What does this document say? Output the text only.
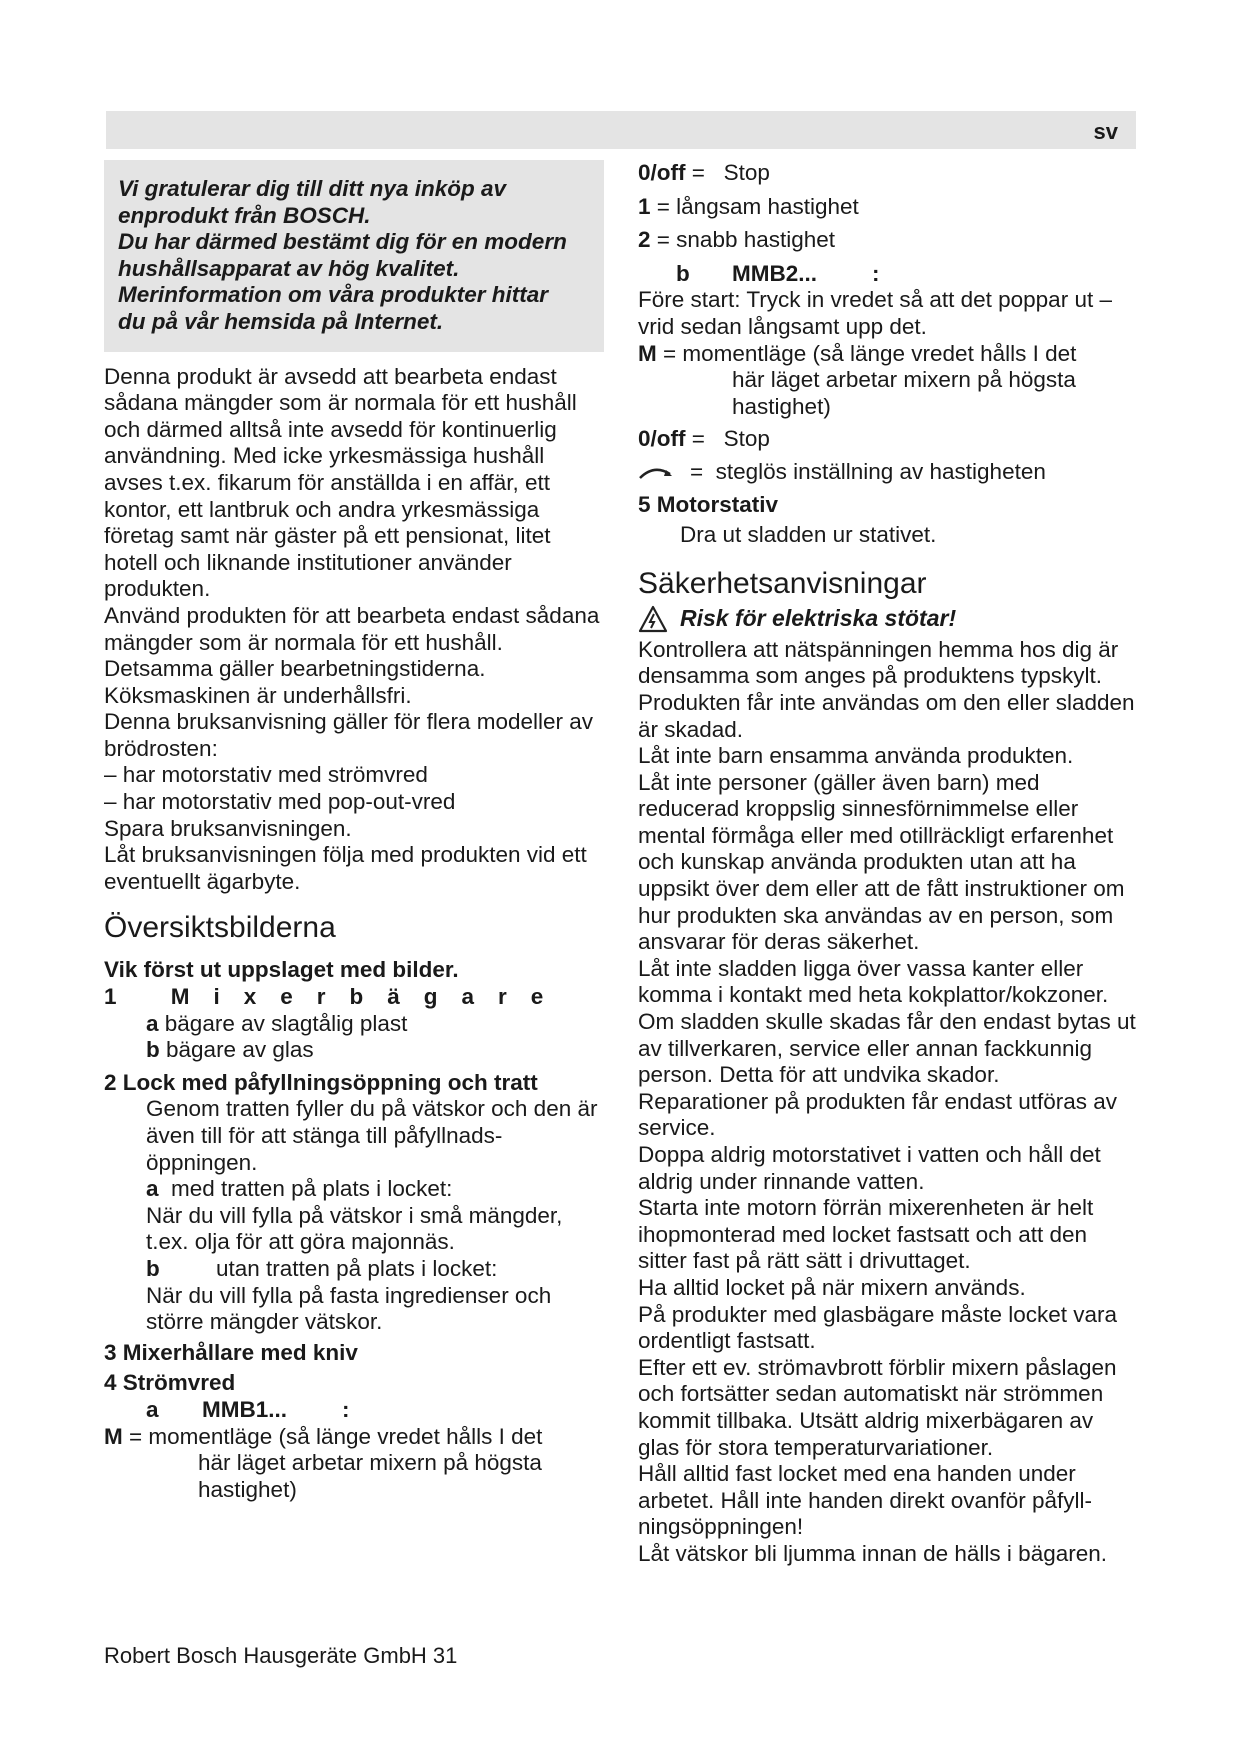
sv
Vi gratulerar dig till ditt nya inköp av
enprodukt från BOSCH.
Du har därmed bestämt dig för en modern
hushållsapparat av hög kvalitet.
Merinformation om våra produkter hittar
du på vår hemsida på Internet.

Denna produkt är avsedd att bearbeta endast sådana mängder som är normala för ett hushåll och därmed alltså inte avsedd för kontinuerlig användning. Med icke yrkesmässiga hushåll avses t.ex. fikarum för anställda i en affär, ett kontor, ett lantbruk och andra yrkesmässiga företag samt när gäster på ett pensionat, litet hotell och liknande institutioner använder produkten.

Använd produkten för att bearbeta endast sådana mängder som är normala för ett hushåll.

Detsamma gäller bearbetningstiderna.

Köksmaskinen är underhållsfri.

Denna bruksanvisning gäller för flera modeller av brödrosten:

– har motorstativ med strömvred

– har motorstativ med pop-out-vred

Spara bruksanvisningen.

Låt bruksanvisningen följa med produkten vid ett eventuellt ägarbyte.

Översiktsbilderna

Vik först ut uppslaget med bilder.

1 Mixerbägare

a
bägare av slagtålig plast
b
bägare av glas

2 Lock med påfyllningsöppning och tratt

Genom tratten fyller du på vätskor och den är även till för att stänga till påfyllnads-öppningen.

a
med tratten på plats i locket:

När du vill fylla på vätskor i små mängder, t.ex. olja för att göra majonnäs.

b	utan tratten på plats i locket:

När du vill fylla på fasta ingredienser och större mängder vätskor.

3 Mixerhållare med kniv

4 Strömvred

a	MMB1...	:
M
= momentläge (så länge vredet hålls I det

här läget arbetar mixern på högsta hastighet)

0/off
=   Stop
1
= långsam hastighet
2
= snabb hastighet
b	MMB2...	:

Före start: Tryck in vredet så att det poppar ut – vrid sedan långsamt upp det.

M
= momentläge (så länge vredet hålls I det

här läget arbetar mixern på högsta hastighet)

0/off
=   Stop
=  steglös inställning av hastigheten

5 Motorstativ

Dra ut sladden ur stativet.

Säkerhetsanvisningar
Risk för elektriska stötar!

Kontrollera att nätspänningen hemma hos dig är densamma som anges på produktens typskylt.

Produkten får inte användas om den eller sladden är skadad.

Låt inte barn ensamma använda produkten.

Låt inte personer (gäller även barn) med reducerad kroppslig sinnesförnimmelse eller mental förmåga eller med otillräckligt erfarenhet och kunskap använda produkten utan att ha uppsikt över dem eller att de fått instruktioner om hur produkten ska användas av en person, som ansvarar för deras säkerhet.

Låt inte sladden ligga över vassa kanter eller komma i kontakt med heta kokplattor/kokzoner.

Om sladden skulle skadas får den endast bytas ut av tillverkaren, service eller annan fackkunnig person. Detta för att undvika skador.

Reparationer på produkten får endast utföras av service.

Doppa aldrig motorstativet i vatten och håll det aldrig under rinnande vatten.

Starta inte motorn förrän mixerenheten är helt ihopmonterad med locket fastsatt och att den sitter fast på rätt sätt i drivuttaget.

Ha alltid locket på när mixern används.

På produkter med glasbägare måste locket vara ordentligt fastsatt.

Efter ett ev. strömavbrott förblir mixern påslagen och fortsätter sedan automatiskt när strömmen kommit tillbaka. Utsätt aldrig mixerbägaren av glas för stora temperaturvariationer.

Håll alltid fast locket med ena handen under arbetet. Håll inte handen direkt ovanför påfyll-ningsöppningen!

Låt vätskor bli ljumma innan de hälls i bägaren.

Robert Bosch Hausgeräte GmbH 31
